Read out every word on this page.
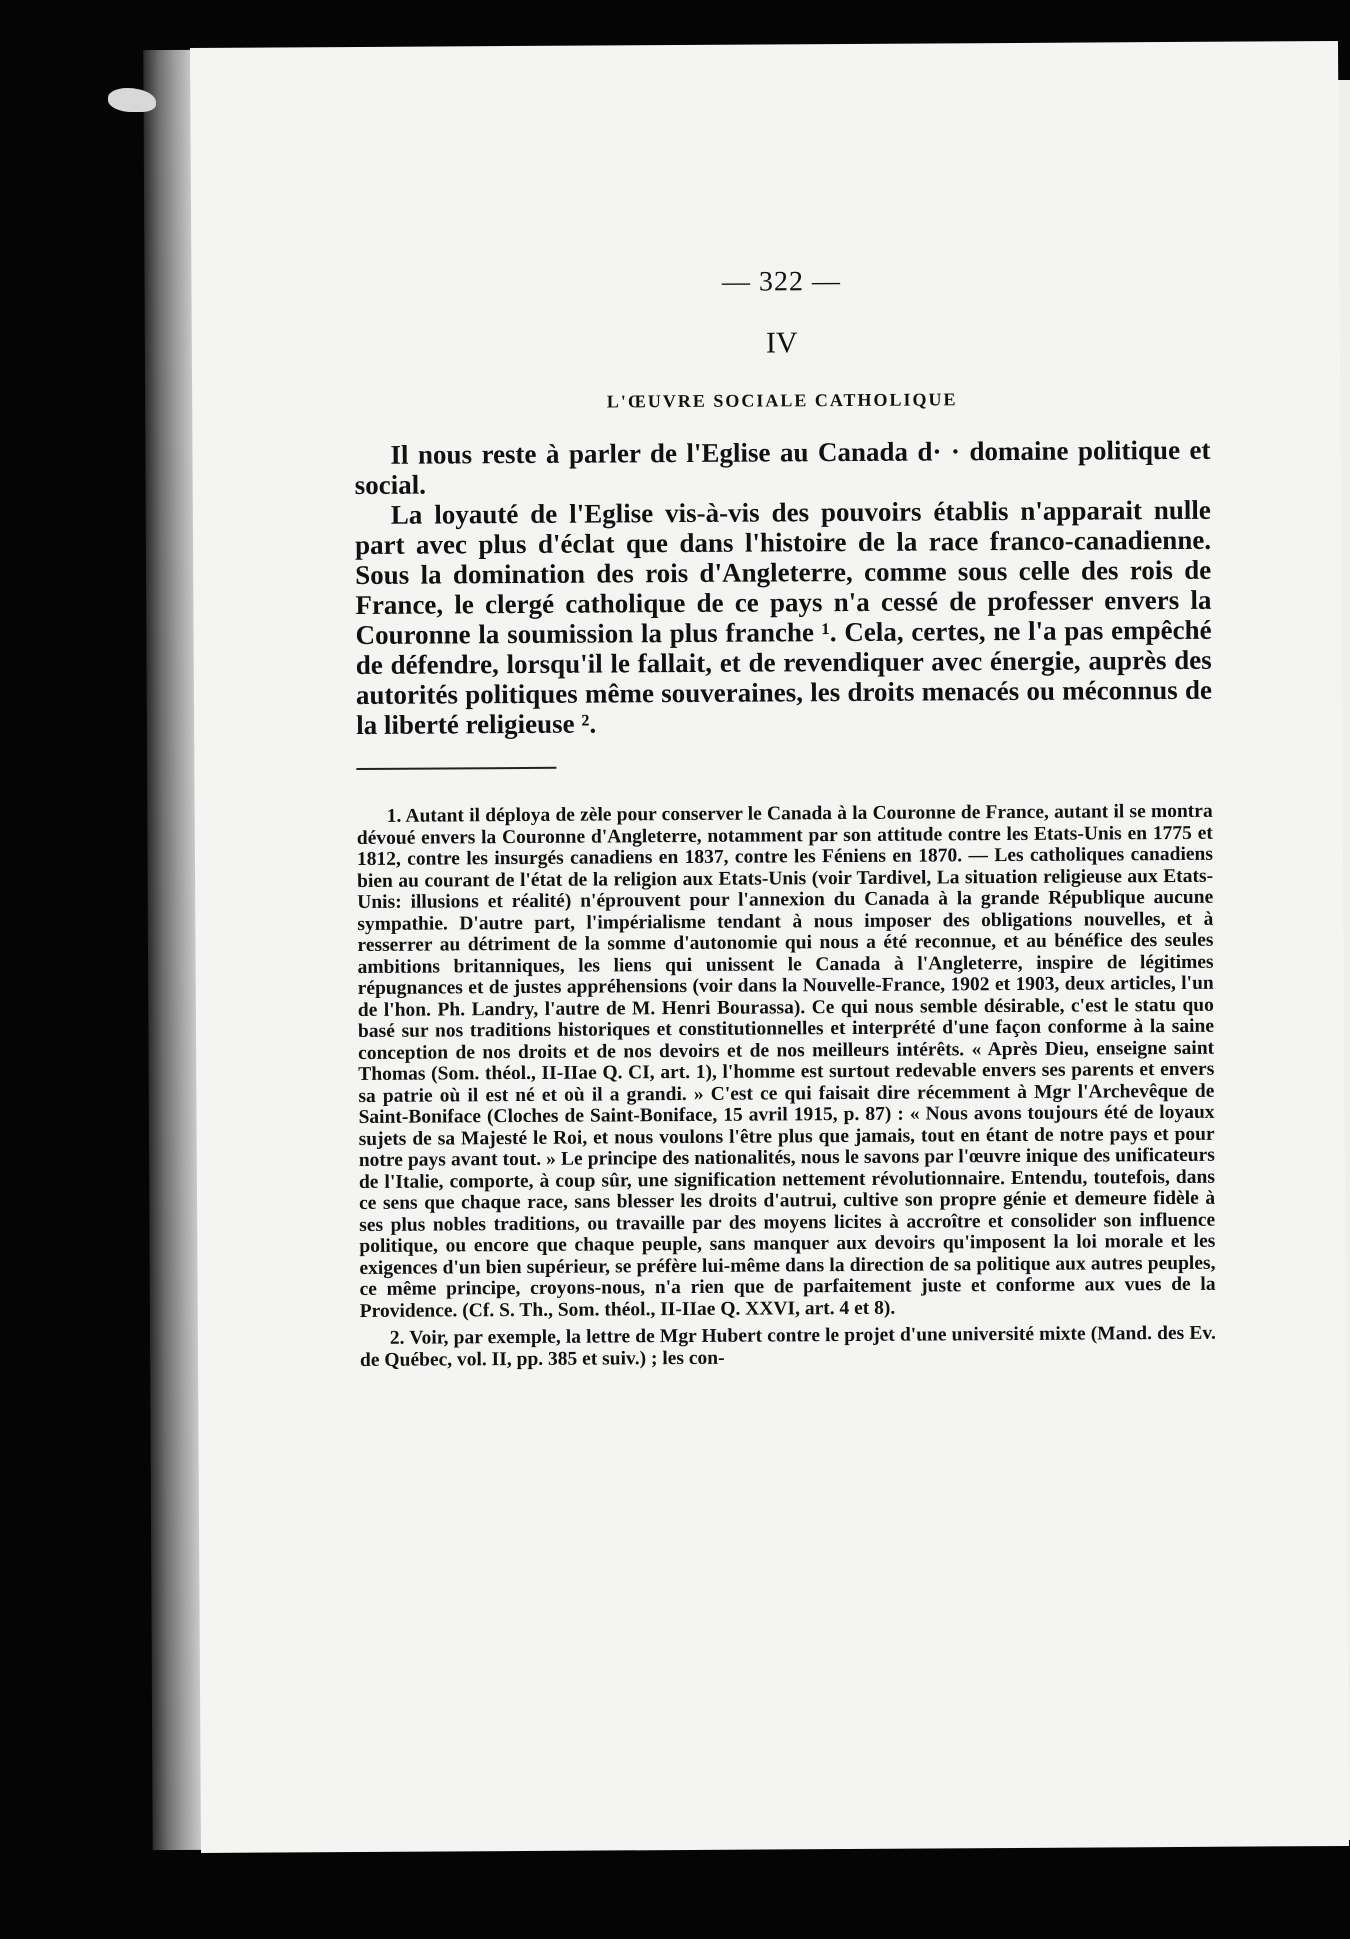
— 322 —
IV
L'ŒUVRE SOCIALE CATHOLIQUE

Il nous reste à parler de l'Eglise au Canada d· · domaine politique et social.

La loyauté de l'Eglise vis-à-vis des pouvoirs établis n'apparait nulle part avec plus d'éclat que dans l'histoire de la race franco-canadienne. Sous la domination des rois d'Angleterre, comme sous celle des rois de France, le clergé catholique de ce pays n'a cessé de professer envers la Couronne la soumission la plus franche ¹. Cela, certes, ne l'a pas empêché de défendre, lorsqu'il le fallait, et de revendiquer avec énergie, auprès des autorités politiques même souveraines, les droits menacés ou méconnus de la liberté religieuse ².

1. Autant il déploya de zèle pour conserver le Canada à la Couronne de France, autant il se montra dévoué envers la Couronne d'Angleterre, notamment par son attitude contre les Etats-Unis en 1775 et 1812, contre les insurgés canadiens en 1837, contre les Féniens en 1870. — Les catholiques canadiens bien au courant de l'état de la religion aux Etats-Unis (voir Tardivel, La situation religieuse aux Etats-Unis: illusions et réalité) n'éprouvent pour l'annexion du Canada à la grande République aucune sympathie. D'autre part, l'impérialisme tendant à nous imposer des obligations nouvelles, et à resserrer au détriment de la somme d'autonomie qui nous a été reconnue, et au bénéfice des seules ambitions britanniques, les liens qui unissent le Canada à l'Angleterre, inspire de légitimes répugnances et de justes appréhensions (voir dans la Nouvelle-France, 1902 et 1903, deux articles, l'un de l'hon. Ph. Landry, l'autre de M. Henri Bourassa). Ce qui nous semble désirable, c'est le statu quo basé sur nos traditions historiques et constitutionnelles et interprété d'une façon conforme à la saine conception de nos droits et de nos devoirs et de nos meilleurs intérêts. « Après Dieu, enseigne saint Thomas (Som. théol., II-IIae Q. CI, art. 1), l'homme est surtout redevable envers ses parents et envers sa patrie où il est né et où il a grandi. » C'est ce qui faisait dire récemment à Mgr l'Archevêque de Saint-Boniface (Cloches de Saint-Boniface, 15 avril 1915, p. 87) : « Nous avons toujours été de loyaux sujets de sa Majesté le Roi, et nous voulons l'être plus que jamais, tout en étant de notre pays et pour notre pays avant tout. » Le principe des nationalités, nous le savons par l'œuvre inique des unificateurs de l'Italie, comporte, à coup sûr, une signification nettement révolutionnaire. Entendu, toutefois, dans ce sens que chaque race, sans blesser les droits d'autrui, cultive son propre génie et demeure fidèle à ses plus nobles traditions, ou travaille par des moyens licites à accroître et consolider son influence politique, ou encore que chaque peuple, sans manquer aux devoirs qu'imposent la loi morale et les exigences d'un bien supérieur, se préfère lui-même dans la direction de sa politique aux autres peuples, ce même principe, croyons-nous, n'a rien que de parfaitement juste et conforme aux vues de la Providence. (Cf. S. Th., Som. théol., II-IIae Q. XXVI, art. 4 et 8).

2. Voir, par exemple, la lettre de Mgr Hubert contre le projet d'une université mixte (Mand. des Ev. de Québec, vol. II, pp. 385 et suiv.) ; les con-
